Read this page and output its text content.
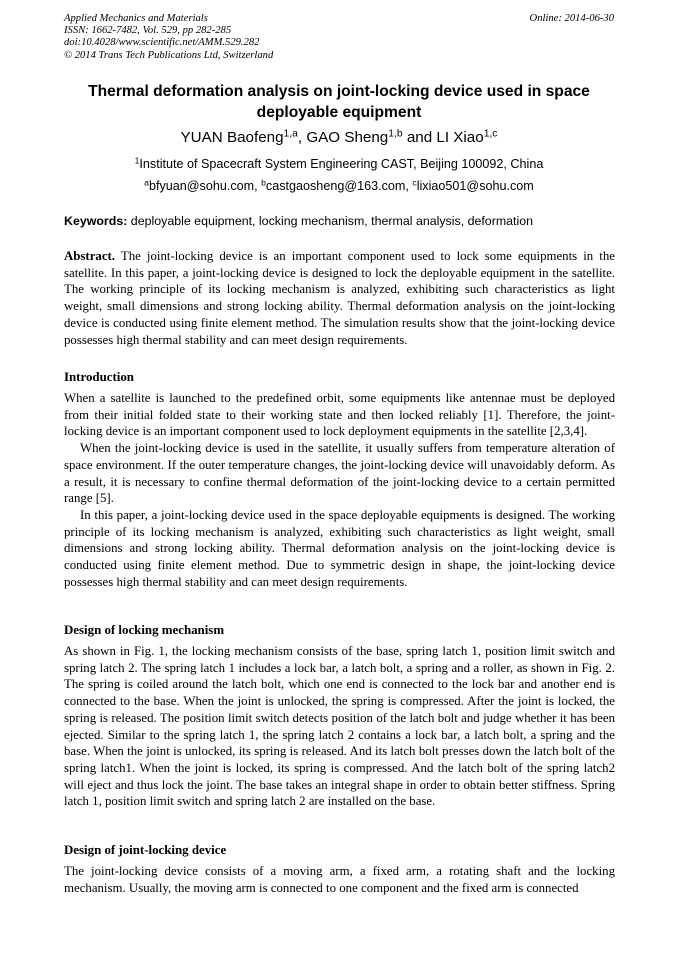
Applied Mechanics and Materials
ISSN: 1662-7482, Vol. 529, pp 282-285
doi:10.4028/www.scientific.net/AMM.529.282
© 2014 Trans Tech Publications Ltd, Switzerland
Online: 2014-06-30
Thermal deformation analysis on joint-locking device used in space deployable equipment
YUAN Baofeng$^{1,a}$, GAO Sheng$^{1,b}$ and LI Xiao$^{1,c}$
$^1$Institute of Spacecraft System Engineering CAST, Beijing 100092, China
$^a$bfyuan@sohu.com, $^b$castgaosheng@163.com, $^c$lixiao501@sohu.com
Keywords: deployable equipment, locking mechanism, thermal analysis, deformation

Abstract. The joint-locking device is an important component used to lock some equipments in the satellite. In this paper, a joint-locking device is designed to lock the deployable equipment in the satellite. The working principle of its locking mechanism is analyzed, exhibiting such characteristics as light weight, small dimensions and strong locking ability. Thermal deformation analysis on the joint-locking device is conducted using finite element method. The simulation results show that the joint-locking device possesses high thermal stability and can meet design requirements.

Introduction

When a satellite is launched to the predefined orbit, some equipments like antennae must be deployed from their initial folded state to their working state and then locked reliably [1]. Therefore, the joint-locking device is an important component used to lock deployment equipments in the satellite [2,3,4].

When the joint-locking device is used in the satellite, it usually suffers from temperature alteration of space environment. If the outer temperature changes, the joint-locking device will unavoidably deform. As a result, it is necessary to confine thermal deformation of the joint-locking device to a certain permitted range [5].

In this paper, a joint-locking device used in the space deployable equipments is designed. The working principle of its locking mechanism is analyzed, exhibiting such characteristics as light weight, small dimensions and strong locking ability. Thermal deformation analysis on the joint-locking device is conducted using finite element method. Due to symmetric design in shape, the joint-locking device possesses high thermal stability and can meet design requirements.

Design of locking mechanism

As shown in Fig. 1, the locking mechanism consists of the base, spring latch 1, position limit switch and spring latch 2. The spring latch 1 includes a lock bar, a latch bolt, a spring and a roller, as shown in Fig. 2. The spring is coiled around the latch bolt, which one end is connected to the lock bar and another end is connected to the base. When the joint is unlocked, the spring is compressed. After the joint is locked, the spring is released. The position limit switch detects position of the latch bolt and judge whether it has been ejected. Similar to the spring latch 1, the spring latch 2 contains a lock bar, a latch bolt, a spring and the base. When the joint is unlocked, its spring is released. And its latch bolt presses down the latch bolt of the spring latch1. When the joint is locked, its spring is compressed. And the latch bolt of the spring latch2 will eject and thus lock the joint. The base takes an integral shape in order to obtain better stiffness. Spring latch 1, position limit switch and spring latch 2 are installed on the base.

Design of joint-locking device

The joint-locking device consists of a moving arm, a fixed arm, a rotating shaft and the locking mechanism. Usually, the moving arm is connected to one component and the fixed arm is connected
